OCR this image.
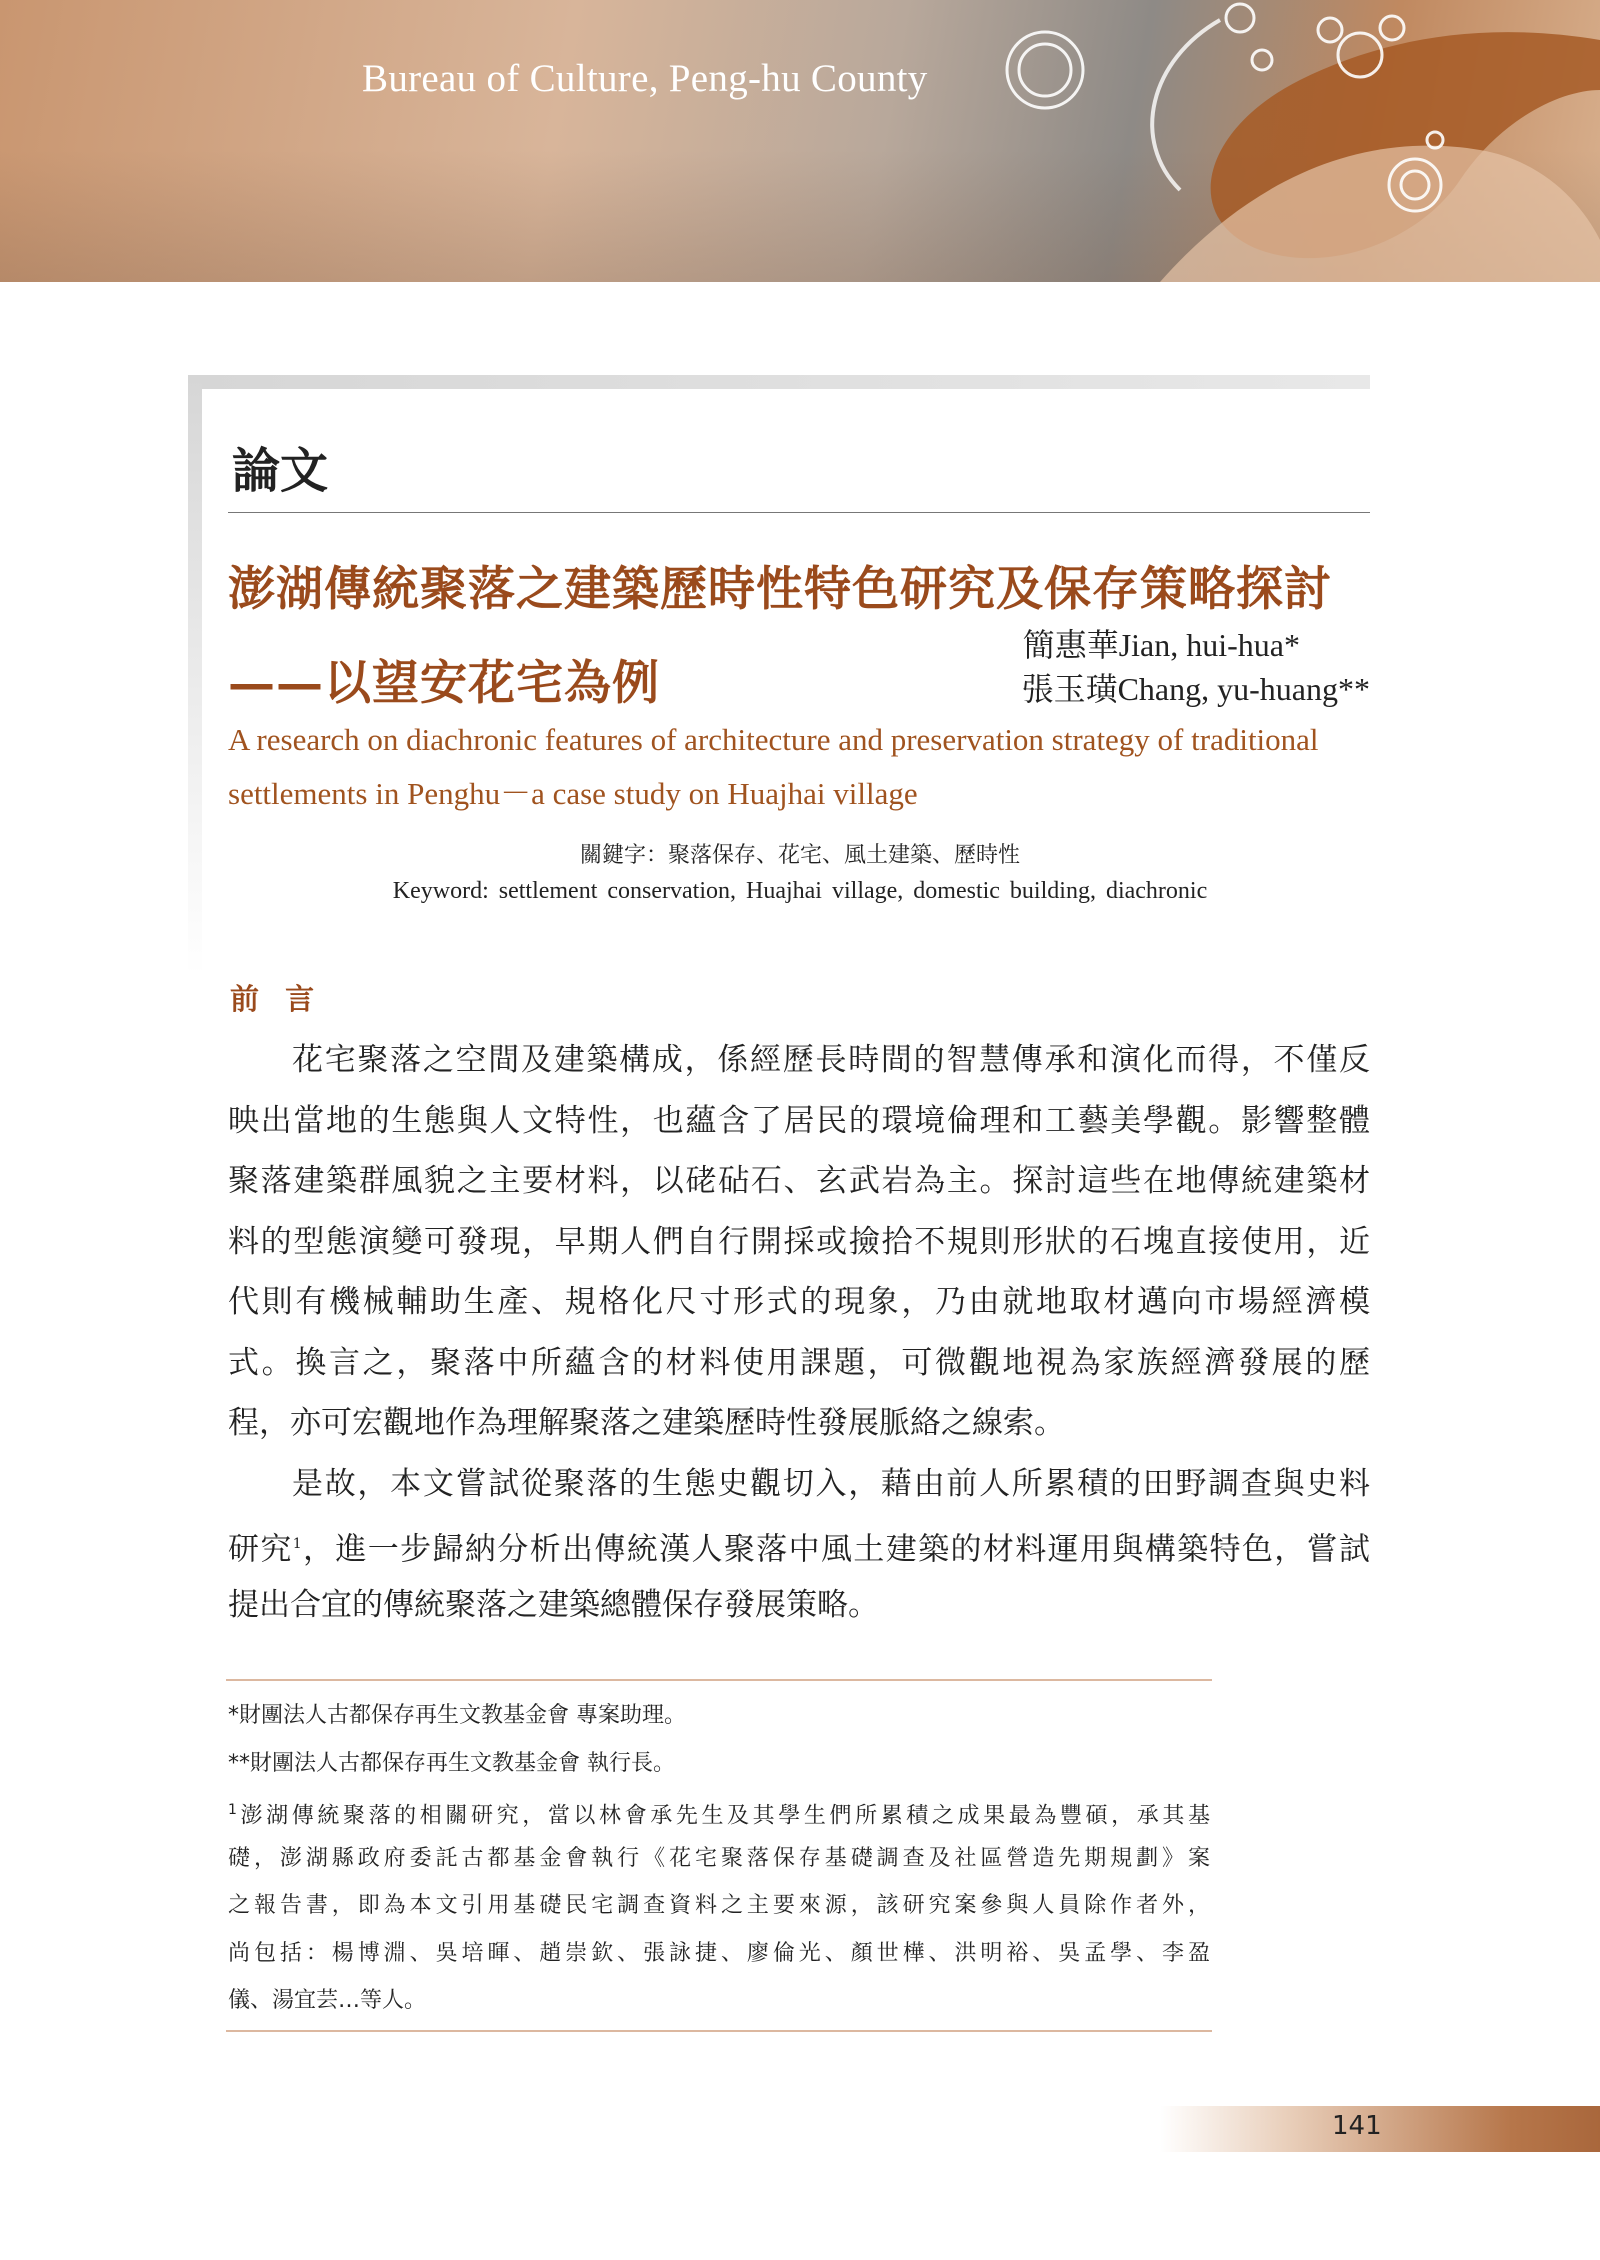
Bureau of Culture, Peng-hu County
論文
澎湖傳統聚落之建築歷時性特色研究及保存策略探討
——以望安花宅為例
簡惠華Jian, hui-hua*
張玉璜Chang, yu-huang**
A research on diachronic features of architecture and preservation strategy of traditional
settlements in Penghu－a case study on Huajhai village
關鍵字：聚落保存、花宅、風土建築、歷時性
Keyword: settlement conservation, Huajhai village, domestic building, diachronic
前 言
花宅聚落之空間及建築構成，係經歷長時間的智慧傳承和演化而得，不僅反
映出當地的生態與人文特性，也蘊含了居民的環境倫理和工藝美學觀。影響整體
聚落建築群風貌之主要材料，以硓砧石、玄武岩為主。探討這些在地傳統建築材
料的型態演變可發現，早期人們自行開採或撿拾不規則形狀的石塊直接使用，近
代則有機械輔助生產、規格化尺寸形式的現象，乃由就地取材邁向市場經濟模
式。換言之，聚落中所蘊含的材料使用課題，可微觀地視為家族經濟發展的歷
程，亦可宏觀地作為理解聚落之建築歷時性發展脈絡之線索。
是故，本文嘗試從聚落的生態史觀切入，藉由前人所累積的田野調查與史料
研究$^1$，進一步歸納分析出傳統漢人聚落中風土建築的材料運用與構築特色，嘗試
提出合宜的傳統聚落之建築總體保存發展策略。
*財團法人古都保存再生文教基金會 專案助理。
**財團法人古都保存再生文教基金會 執行長。
$^1$澎湖傳統聚落的相關研究，當以林會承先生及其學生們所累積之成果最為豐碩，承其基
礎，澎湖縣政府委託古都基金會執行《花宅聚落保存基礎調查及社區營造先期規劃》案
之報告書，即為本文引用基礎民宅調查資料之主要來源，該研究案參與人員除作者外，
尚包括：楊博淵、吳培暉、趙崇欽、張詠捷、廖倫光、顏世樺、洪明裕、吳孟學、李盈
儀、湯宜芸…等人。
141
